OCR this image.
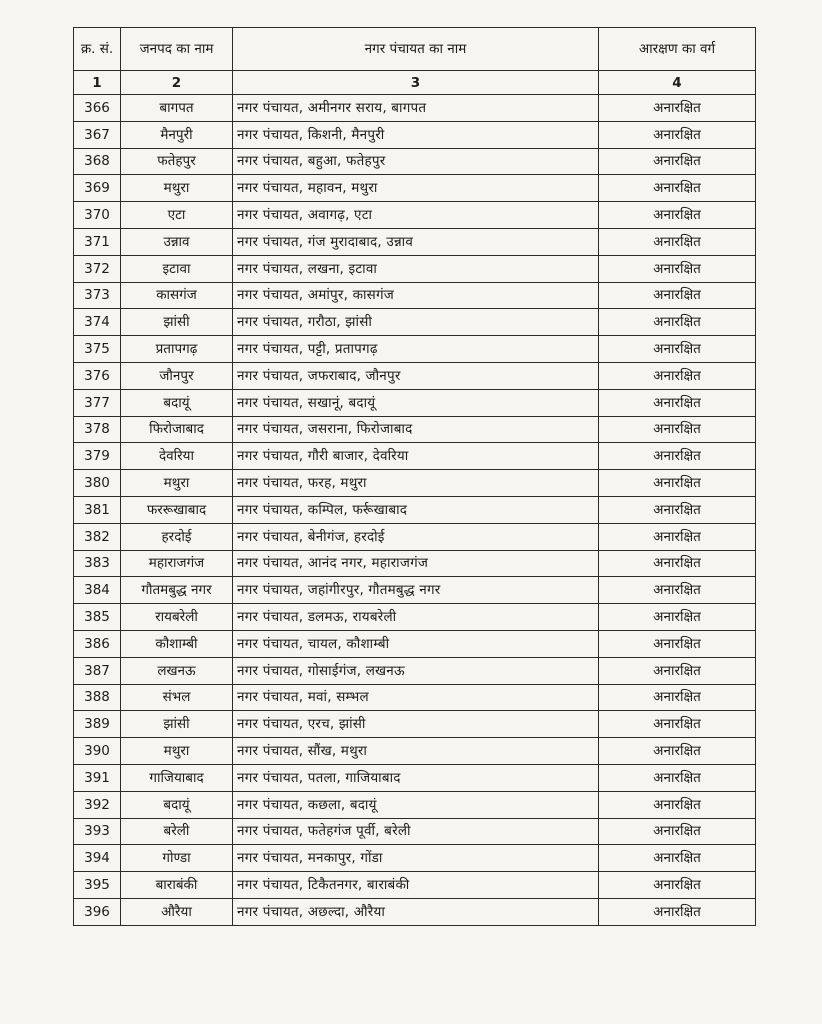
क्र. सं.	जनपद का नाम	नगर पंचायत का नाम	आरक्षण का वर्ग
1	2	3	4
366	बागपत	नगर पंचायत, अमीनगर सराय, बागपत	अनारक्षित
367	मैनपुरी	नगर पंचायत, किशनी, मैनपुरी	अनारक्षित
368	फतेहपुर	नगर पंचायत, बहुआ, फतेहपुर	अनारक्षित
369	मथुरा	नगर पंचायत, महावन, मथुरा	अनारक्षित
370	एटा	नगर पंचायत, अवागढ़, एटा	अनारक्षित
371	उन्नाव	नगर पंचायत, गंज मुरादाबाद, उन्नाव	अनारक्षित
372	इटावा	नगर पंचायत, लखना, इटावा	अनारक्षित
373	कासगंज	नगर पंचायत, अमांपुर, कासगंज	अनारक्षित
374	झांसी	नगर पंचायत, गरौठा, झांसी	अनारक्षित
375	प्रतापगढ़	नगर पंचायत, पट्टी, प्रतापगढ़	अनारक्षित
376	जौनपुर	नगर पंचायत, जफराबाद, जौनपुर	अनारक्षित
377	बदायूं	नगर पंचायत, सखानूं, बदायूं	अनारक्षित
378	फिरोजाबाद	नगर पंचायत, जसराना, फिरोजाबाद	अनारक्षित
379	देवरिया	नगर पंचायत, गौरी बाजार, देवरिया	अनारक्षित
380	मथुरा	नगर पंचायत, फरह, मथुरा	अनारक्षित
381	फररूखाबाद	नगर पंचायत, कम्पिल, फर्रूखाबाद	अनारक्षित
382	हरदोई	नगर पंचायत, बेनीगंज, हरदोई	अनारक्षित
383	महाराजगंज	नगर पंचायत, आनंद नगर, महाराजगंज	अनारक्षित
384	गौतमबुद्ध नगर	नगर पंचायत, जहांगीरपुर, गौतमबुद्ध नगर	अनारक्षित
385	रायबरेली	नगर पंचायत, डलमऊ, रायबरेली	अनारक्षित
386	कौशाम्बी	नगर पंचायत, चायल, कौशाम्बी	अनारक्षित
387	लखनऊ	नगर पंचायत, गोसाईगंज, लखनऊ	अनारक्षित
388	संभल	नगर पंचायत, मवां, सम्भल	अनारक्षित
389	झांसी	नगर पंचायत, एरच, झांसी	अनारक्षित
390	मथुरा	नगर पंचायत, सौंख, मथुरा	अनारक्षित
391	गाजियाबाद	नगर पंचायत, पतला, गाजियाबाद	अनारक्षित
392	बदायूं	नगर पंचायत, कछला, बदायूं	अनारक्षित
393	बरेली	नगर पंचायत, फतेहगंज पूर्वी, बरेली	अनारक्षित
394	गोण्डा	नगर पंचायत, मनकापुर, गोंडा	अनारक्षित
395	बाराबंकी	नगर पंचायत, टिकैतनगर, बाराबंकी	अनारक्षित
396	औरैया	नगर पंचायत, अछल्दा, औरैया	अनारक्षित
